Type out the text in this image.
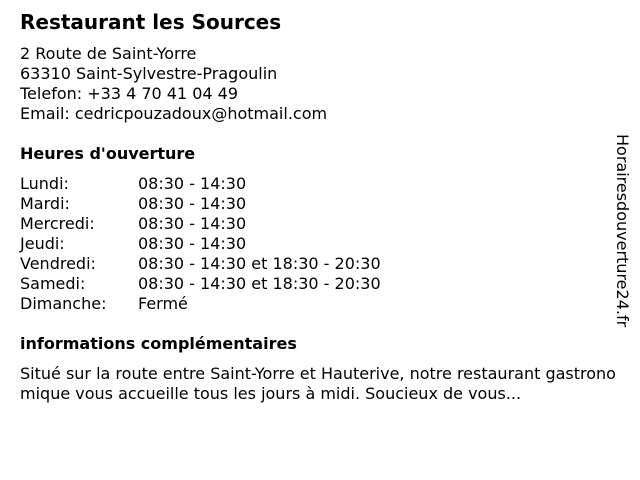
Restaurant les Sources
2 Route de Saint-Yorre
63310 Saint-Sylvestre-Pragoulin
Telefon: +33 4 70 41 04 49
Email: cedricpouzadoux@hotmail.com
Heures d'ouverture
Lundi:	08:30 - 14:30
Mardi:	08:30 - 14:30
Mercredi:	08:30 - 14:30
Jeudi:	08:30 - 14:30
Vendredi:	08:30 - 14:30 et 18:30 - 20:30
Samedi:	08:30 - 14:30 et 18:30 - 20:30
Dimanche:	Fermé
informations complémentaires
Situé sur la route entre Saint-Yorre et Hauterive, notre restaurant gastronomique vous accueille tous les jours à midi. Soucieux de vous...
Horairesdouverture24.fr
